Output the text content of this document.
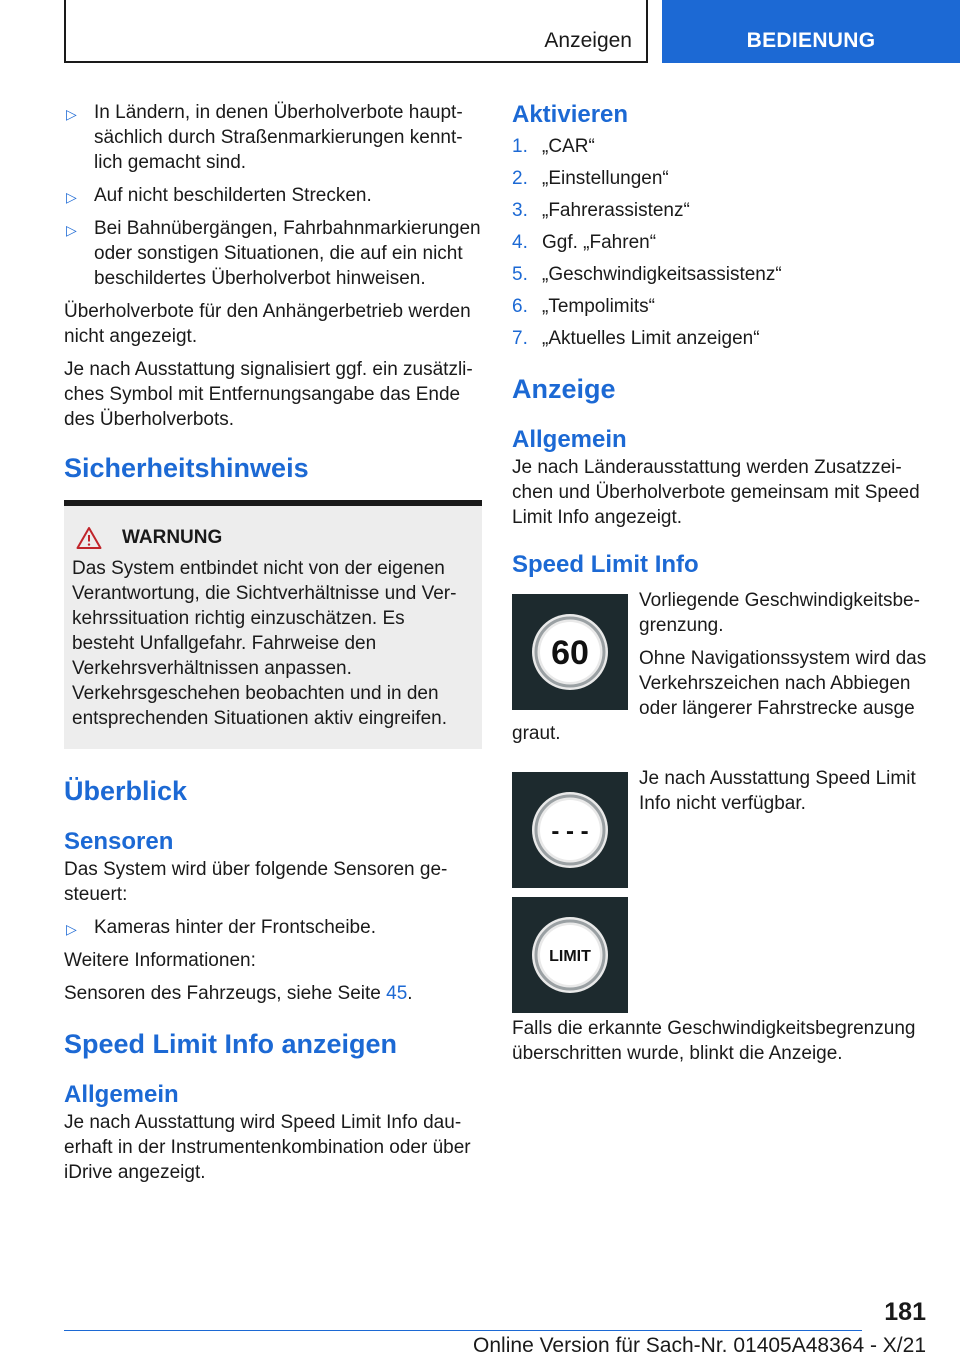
Anzeigen	BEDIENUNG
▷ In Ländern, in denen Überholverbote hauptsächlich durch Straßenmarkierungen kenntlich gemacht sind.
▷ Auf nicht beschilderten Strecken.
▷ Bei Bahnübergängen, Fahrbahnmarkierungen oder sonstigen Situationen, die auf ein nicht beschildertes Überholverbot hinweisen.

Überholverbote für den Anhängerbetrieb werden nicht angezeigt.

Je nach Ausstattung signalisiert ggf. ein zusätzliches Symbol mit Entfernungsangabe das Ende des Überholverbots.

Sicherheitshinweis
WARNUNG

Das System entbindet nicht von der eigenen Verantwortung, die Sichtverhältnisse und Verkehrssituation richtig einzuschätzen. Es besteht Unfallgefahr. Fahrweise den Verkehrsverhältnissen anpassen. Verkehrsgeschehen beobachten und in den entsprechenden Situationen aktiv eingreifen.

Überblick
Sensoren

Das System wird über folgende Sensoren gesteuert:

▷ Kameras hinter der Frontscheibe.

Weitere Informationen:

Sensoren des Fahrzeugs, siehe Seite 45.

Speed Limit Info anzeigen
Allgemein

Je nach Ausstattung wird Speed Limit Info dauerhaft in der Instrumentenkombination oder über iDrive angezeigt.

Aktivieren
1. „CAR“
2. „Einstellungen“
3. „Fahrerassistenz“
4. Ggf. „Fahren“
5. „Geschwindigkeitsassistenz“
6. „Tempolimits“
7. „Aktuelles Limit anzeigen“
Anzeige
Allgemein

Je nach Länderausstattung werden Zusatzzeichen und Überholverbote gemeinsam mit Speed Limit Info angezeigt.

Speed Limit Info
60

Vorliegende Geschwindigkeitsbegrenzung.

Ohne Navigationssystem wird das Verkehrszeichen nach Abbiegen oder längerer Fahrstrecke ausge

graut.

- - -

Je nach Ausstattung Speed Limit Info nicht verfügbar.

LIMIT

Falls die erkannte Geschwindigkeitsbegrenzung überschritten wurde, blinkt die Anzeige.

181
Online Version für Sach-Nr. 01405A48364 - X/21
